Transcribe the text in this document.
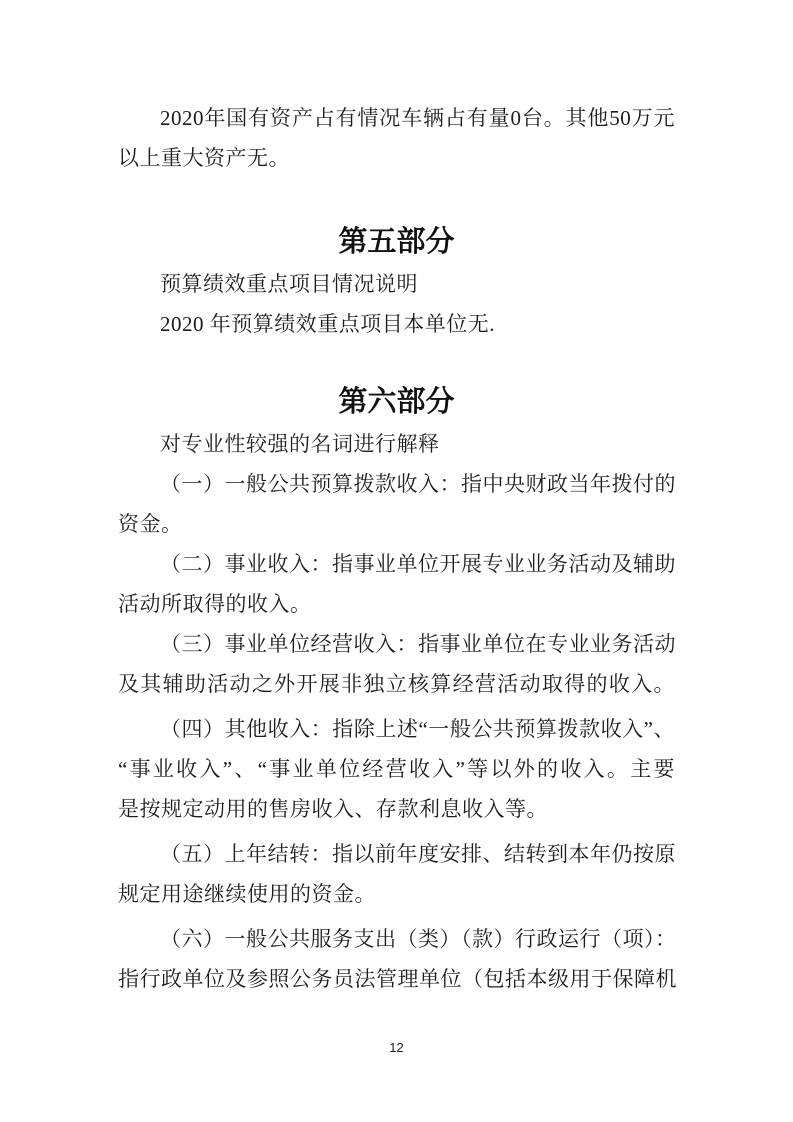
2020年国有资产占有情况车辆占有量0台。其他50万元
以上重大资产无。

第五部分

预算绩效重点项目情况说明

2020 年预算绩效重点项目本单位无.

第六部分

对专业性较强的名词进行解释

（一）一般公共预算拨款收入：指中央财政当年拨付的
资金。

（二）事业收入：指事业单位开展专业业务活动及辅助
活动所取得的收入。

（三）事业单位经营收入：指事业单位在专业业务活动
及其辅助活动之外开展非独立核算经营活动取得的收入。

（四）其他收入：指除上述“一般公共预算拨款收入”、
“事业收入”、“事业单位经营收入”等以外的收入。主要
是按规定动用的售房收入、存款利息收入等。

（五）上年结转：指以前年度安排、结转到本年仍按原
规定用途继续使用的资金。

（六）一般公共服务支出（类）（款）行政运行（项）：
指行政单位及参照公务员法管理单位（包括本级用于保障机

12
